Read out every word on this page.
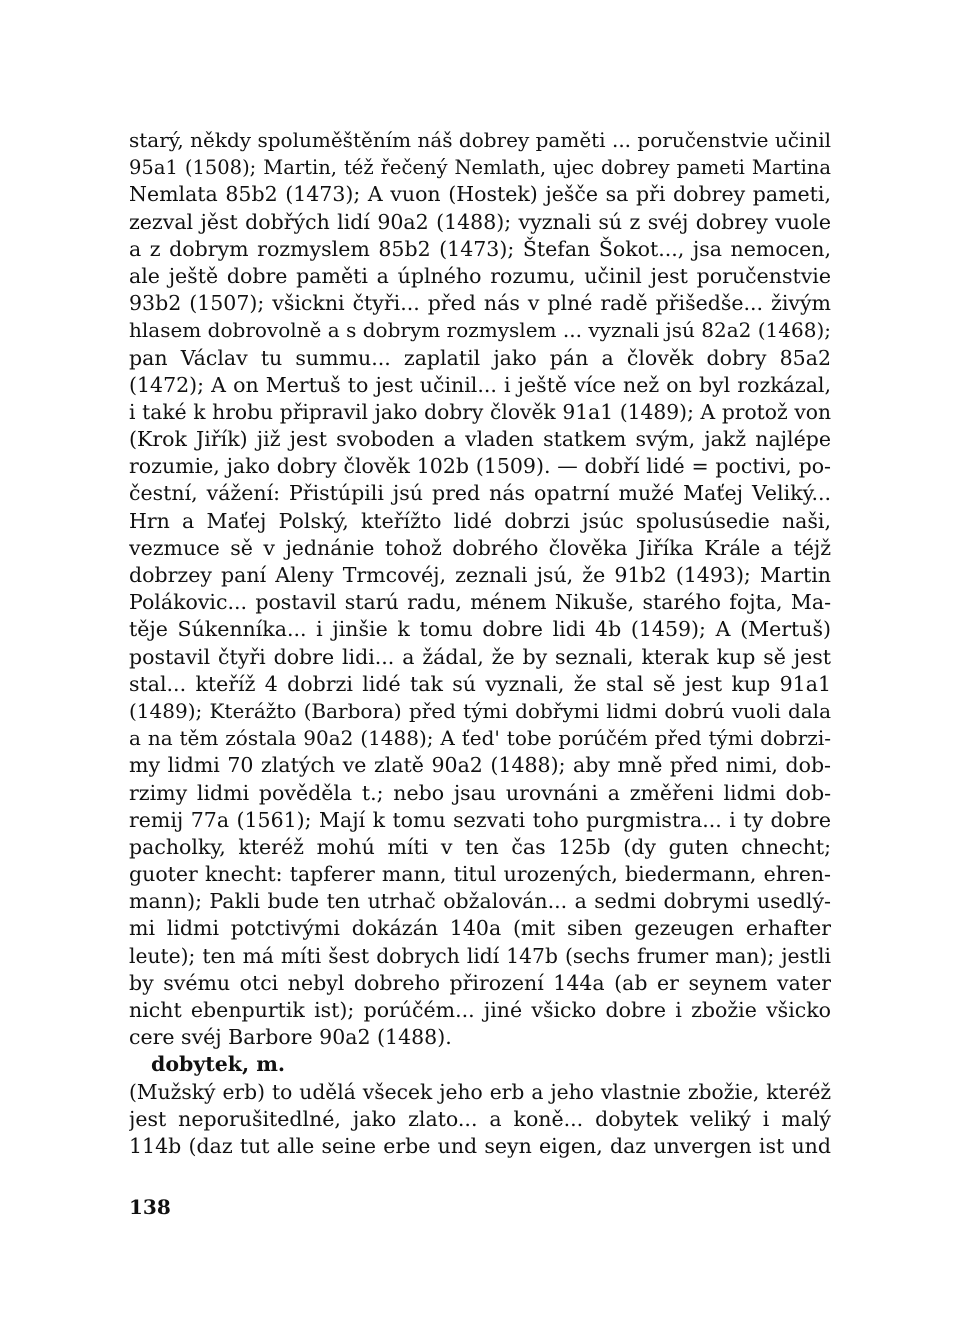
starý, někdy spoluměštěním náš dobrey paměti ... poručenstvie učinil
95a1 (1508); Martin, též řečený Nemlath, ujec dobrey pameti Martina
Nemlata 85b2 (1473); A vuon (Hostek) ješče sa při dobrey pameti,
zezval jěst dobřých lidí 90a2 (1488); vyznali sú z svéj dobrey vuole
a z dobrym rozmyslem 85b2 (1473); Štefan Šokot..., jsa nemocen,
ale ještě dobre paměti a úplného rozumu, učinil jest poručenstvie
93b2 (1507); všickni čtyři... před nás v plné radě přišedše... živým
hlasem dobrovolně a s dobrym rozmyslem ... vyznali jsú 82a2 (1468);
pan Václav tu summu... zaplatil jako pán a člověk dobry 85a2
(1472); A on Mertuš to jest učinil... i ještě více než on byl rozkázal,
i také k hrobu připravil jako dobry člověk 91a1 (1489); A protož von
(Krok Jiřík) již jest svoboden a vladen statkem svým, jakž najlépe
rozumie, jako dobry člověk 102b (1509). — dobří lidé = poctivi, po-
čestní, vážení: Přistúpili jsú pred nás opatrní mužé Maťej Veliký...
Hrn a Maťej Polský, kteřížto lidé dobrzi jsúc spolusúsedie naši,
vezmuce sě v jednánie tohož dobrého člověka Jiříka Krále a téjž
dobrzey paní Aleny Trmcovéj, zeznali jsú, že 91b2 (1493); Martin
Polákovic... postavil starú radu, ménem Nikuše, starého fojta, Ma-
těje Súkenníka... i jinšie k tomu dobre lidi 4b (1459); A (Mertuš)
postavil čtyři dobre lidi... a žádal, že by seznali, kterak kup sě jest
stal... kteříž 4 dobrzi lidé tak sú vyznali, že stal sě jest kup 91a1
(1489); Kterážto (Barbora) před tými dobřymi lidmi dobrú vuoli dala
a na těm zóstala 90a2 (1488); A ťed' tobe porúčém před tými dobrzi-
my lidmi 70 zlatých ve zlatě 90a2 (1488); aby mně před nimi, dob-
rzimy lidmi pověděla t.; nebo jsau urovnáni a změřeni lidmi dob-
remij 77a (1561); Mají k tomu sezvati toho purgmistra... i ty dobre
pacholky, kteréž mohú míti v ten čas 125b (dy guten chnecht;
guoter knecht: tapferer mann, titul urozených, biedermann, ehren-
mann); Pakli bude ten utrhač obžalován... a sedmi dobrymi usedlý-
mi lidmi potctivými dokázán 140a (mit siben gezeugen erhafter
leute); ten má míti šest dobrych lidí 147b (sechs frumer man); jestli
by svému otci nebyl dobreho přirození 144a (ab er seynem vater
nicht ebenpurtik ist); porúčém... jiné všicko dobre i zbožie všicko
cere svéj Barbore 90a2 (1488).
dobytek, m.
(Mužský erb) to udělá všecek jeho erb a jeho vlastnie zbožie, kteréž
jest neporušitedlné, jako zlato... a koně... dobytek veliký i malý
114b (daz tut alle seine erbe und seyn eigen, daz unvergen ist und
138
